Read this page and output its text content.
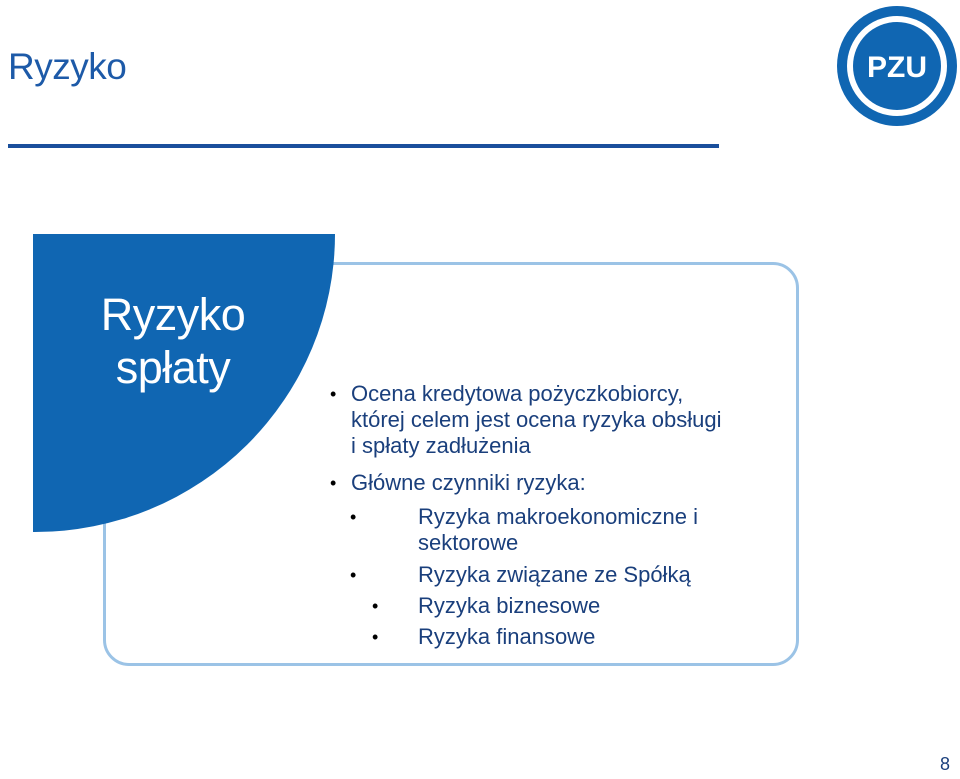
Ryzyko	PZU
Ryzyko
spłaty
• Ocena kredytowa pożyczkobiorcy,
której celem jest ocena ryzyka obsługi
i spłaty zadłużenia
• Główne czynniki ryzyka:
•	Ryzyka makroekonomiczne i
sektorowe
•	Ryzyka związane ze Spółką
• Ryzyka biznesowe
• Ryzyka finansowe
8
